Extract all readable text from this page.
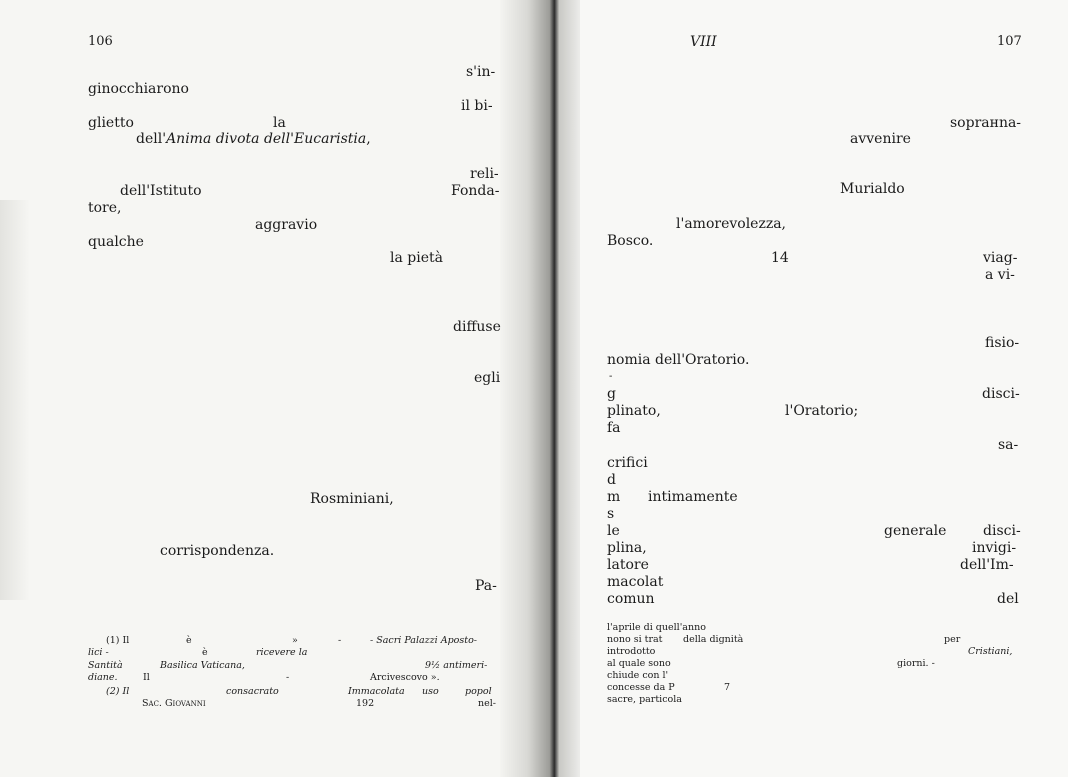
106
s'in-
ginocchiarono
il bi-
glietto	la
dell'Anima divota dell'Eucaristia,
reli-
dell'Istituto	Fonda-
tore,
aggravio
qualche
la pietà
diffuse
egli
Rosminiani,
corrispondenza.
Pa-
(1) Il	è	»	-	- Sacri Palazzi Aposto-
lici -	è	ricevere la
Santità	Basilica Vaticana,	9½ antimeri-
diane.	Il	-	Arcivescovo ».
(2) Il	consacrato	Immacolata uso	popol
Sac. Giovanni	192	nel-
VIII	107
soprанna-
avvenire
Murialdo
l'amorevolezza,
Bosco.
14	viag-
a vi-
fisio-
nomia dell'Oratorio.
-
g	disci-
plinato,	l'Oratorio;
fa
sa-
crifici
d
m intimamente
s
le	generale	disci-
plina,	invigi-
latore	dell'Im-
macolat
comun	del
l'aprile di quell'anno
nono si trat della dignità	per
introdotto	Cristiani,
al quale sono	giorni. -
chiude con l'
concesse da P	7
sacre, particola
